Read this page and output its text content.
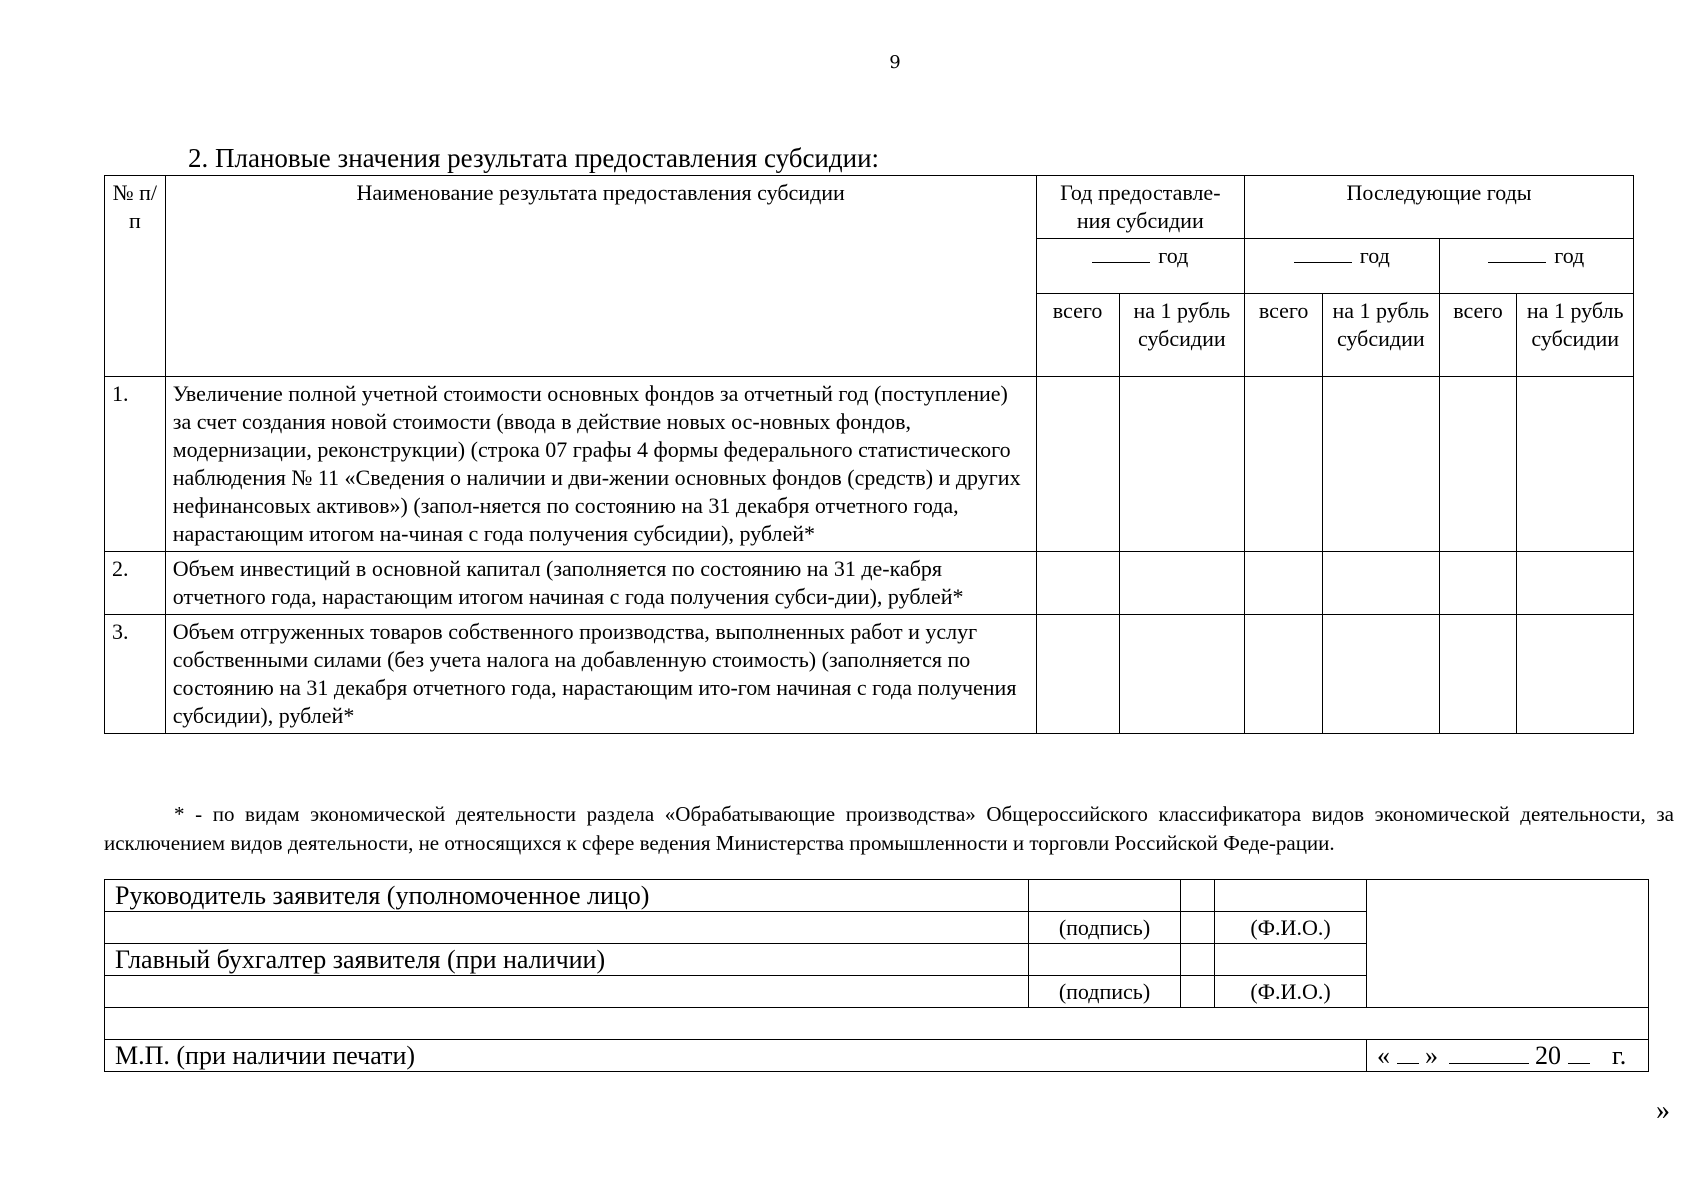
9
2. Плановые значения результата предоставления субсидии:
№ п/п	Наименование результата предоставления субсидии	Год предоставле-ния субсидии		Последующие годы			
		год		год		год	
		всего	на 1 рубль субсидии	всего	на 1 рубль субсидии	всего	на 1 рубль субсидии
1.	Увеличение полной учетной стоимости основных фондов за отчетный год (поступление) за счет создания новой стоимости (ввода в действие новых ос-новных фондов, модернизации, реконструкции) (строка 07 графы 4 формы федерального статистического наблюдения № 11 «Сведения о наличии и дви-жении основных фондов (средств) и других нефинансовых активов») (запол-няется по состоянию на 31 декабря отчетного года, нарастающим итогом на-чиная с года получения субсидии), рублей*						
2.	Объем инвестиций в основной капитал (заполняется по состоянию на 31 де-кабря отчетного года, нарастающим итогом начиная с года получения субси-дии), рублей*						
3.	Объем отгруженных товаров собственного производства, выполненных работ и услуг собственными силами (без учета налога на добавленную стоимость) (заполняется по состоянию на 31 декабря отчетного года, нарастающим ито-гом начиная с года получения субсидии), рублей*						
* - по видам экономической деятельности раздела «Обрабатывающие производства» Общероссийского классификатора видов экономической деятельности, за исключением видов деятельности, не относящихся к сфере ведения Министерства промышленности и торговли Российской Феде-рации.
Руководитель заявителя (уполномоченное лицо)				
	(подпись)		(Ф.И.О.)	
Главный бухгалтер заявителя (при наличии)				
	(подпись)		(Ф.И.О.)	

М.П. (при наличии печати)				« » 20 г.
»
